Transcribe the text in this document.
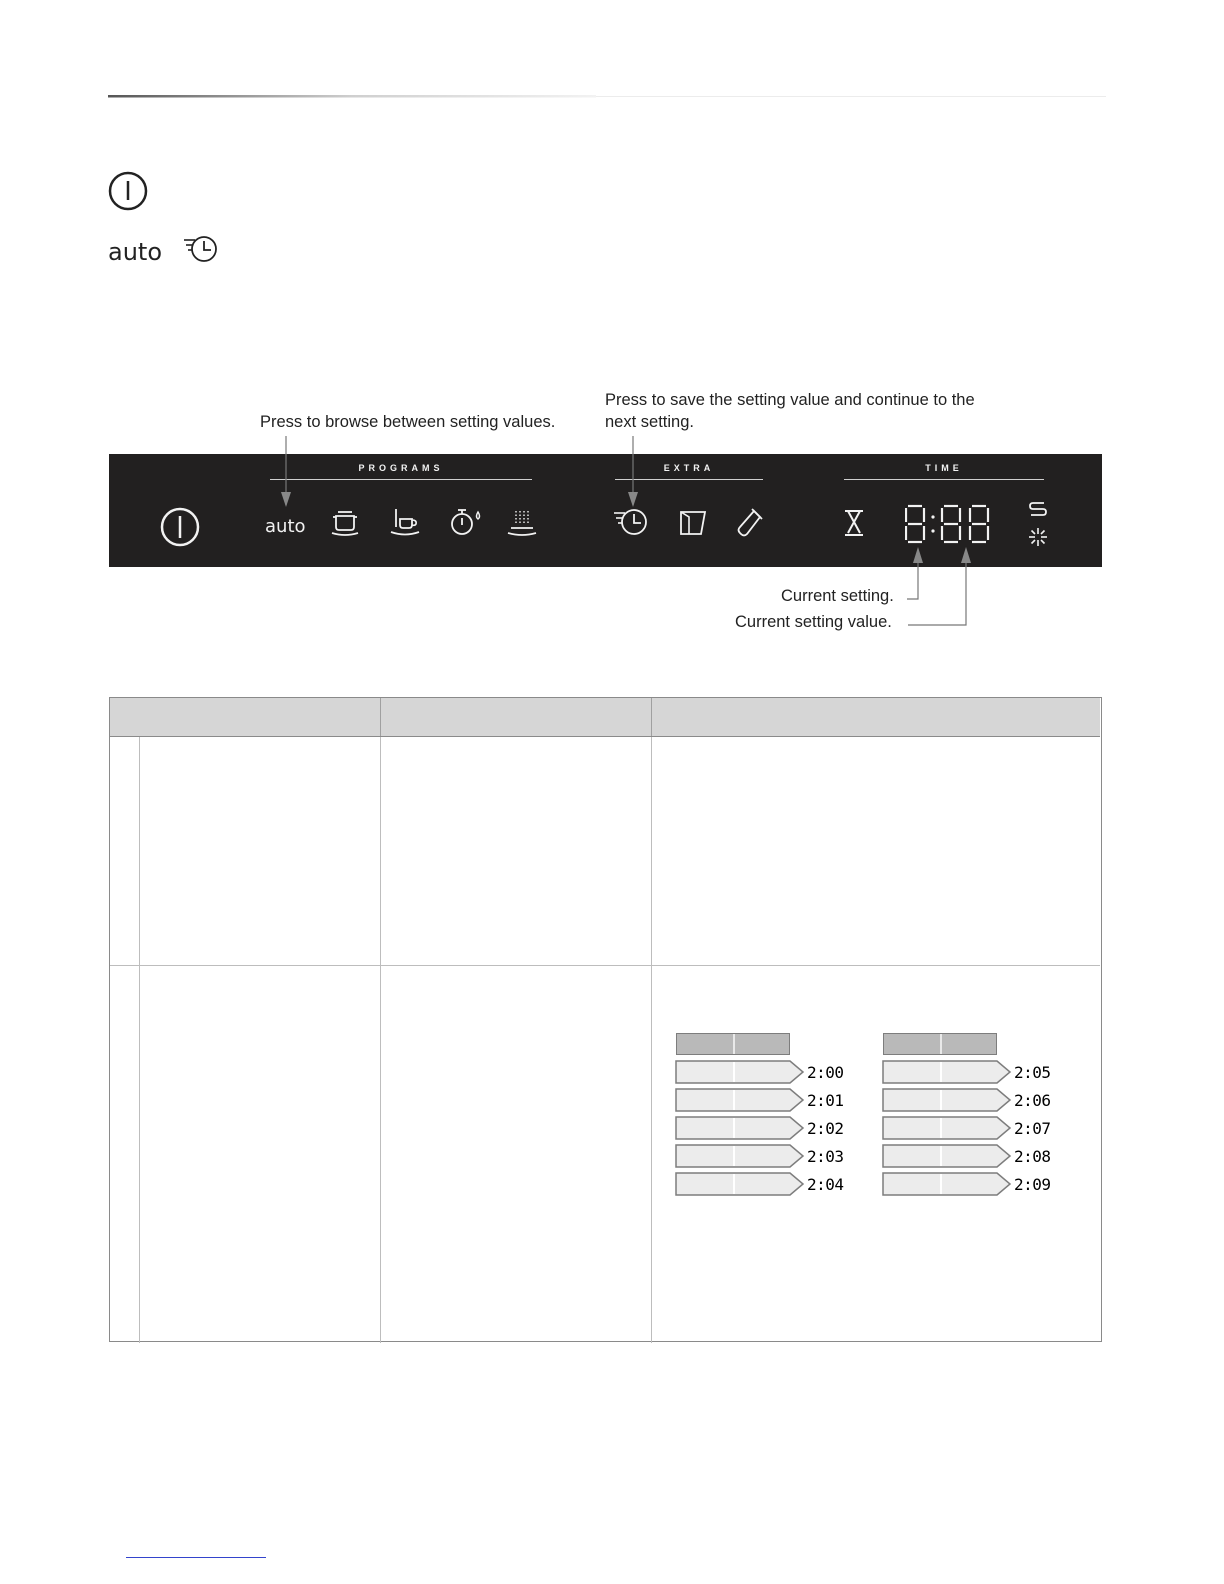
auto
Press to browse between setting values.
Press to save the setting value and continue to the
next setting.
PROGRAMS	EXTRA	TIME
auto
Current setting.
Current setting value.
2:00
2:01
2:02
2:03
2:04
2:05
2:06
2:07
2:08
2:09
